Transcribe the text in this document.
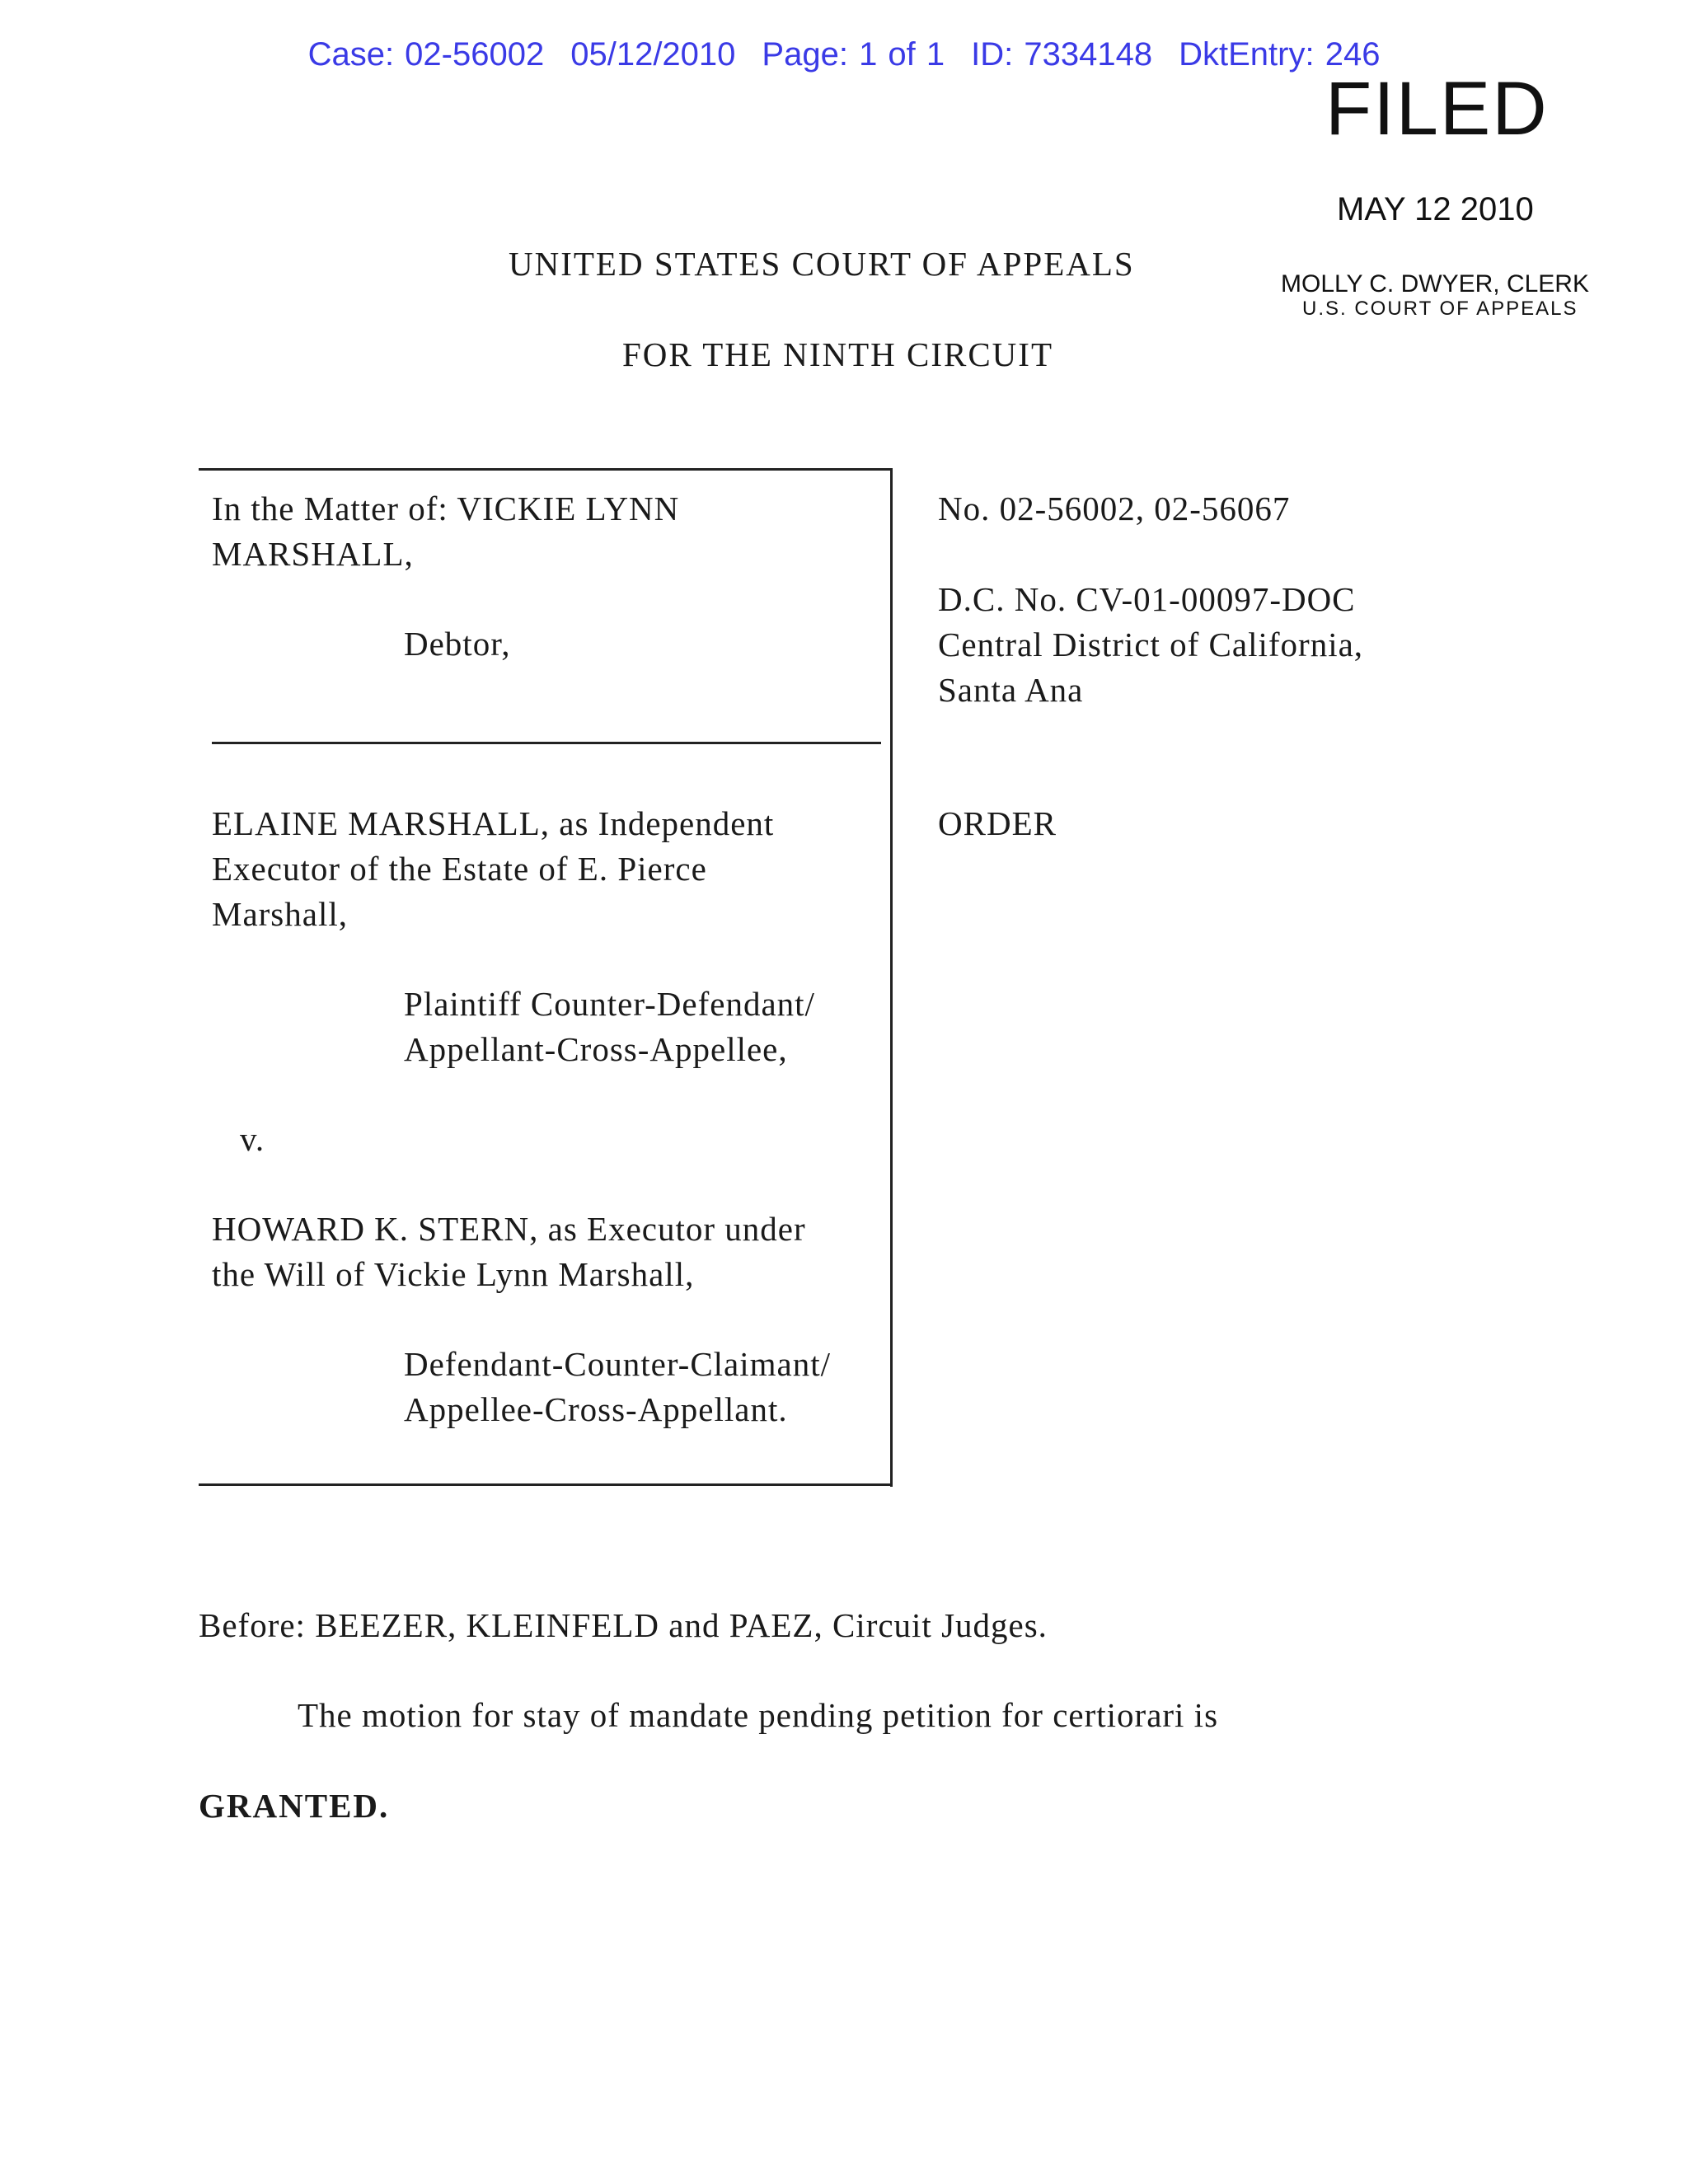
Case: 02-56002 05/12/2010 Page: 1 of 1 ID: 7334148 DktEntry: 246
FILED
MAY 12 2010
MOLLY C. DWYER, CLERK
U.S. COURT OF APPEALS
UNITED STATES COURT OF APPEALS
FOR THE NINTH CIRCUIT
In the Matter of: VICKIE LYNN
MARSHALL,
Debtor,
ELAINE MARSHALL, as Independent
Executor of the Estate of E. Pierce
Marshall,
Plaintiff Counter-Defendant/
Appellant-Cross-Appellee,
v.
HOWARD K. STERN, as Executor under
the Will of Vickie Lynn Marshall,
Defendant-Counter-Claimant/
Appellee-Cross-Appellant.
No. 02-56002, 02-56067
D.C. No. CV-01-00097-DOC
Central District of California,
Santa Ana
ORDER
Before: BEEZER, KLEINFELD and PAEZ, Circuit Judges.
The motion for stay of mandate pending petition for certiorari is
GRANTED.
